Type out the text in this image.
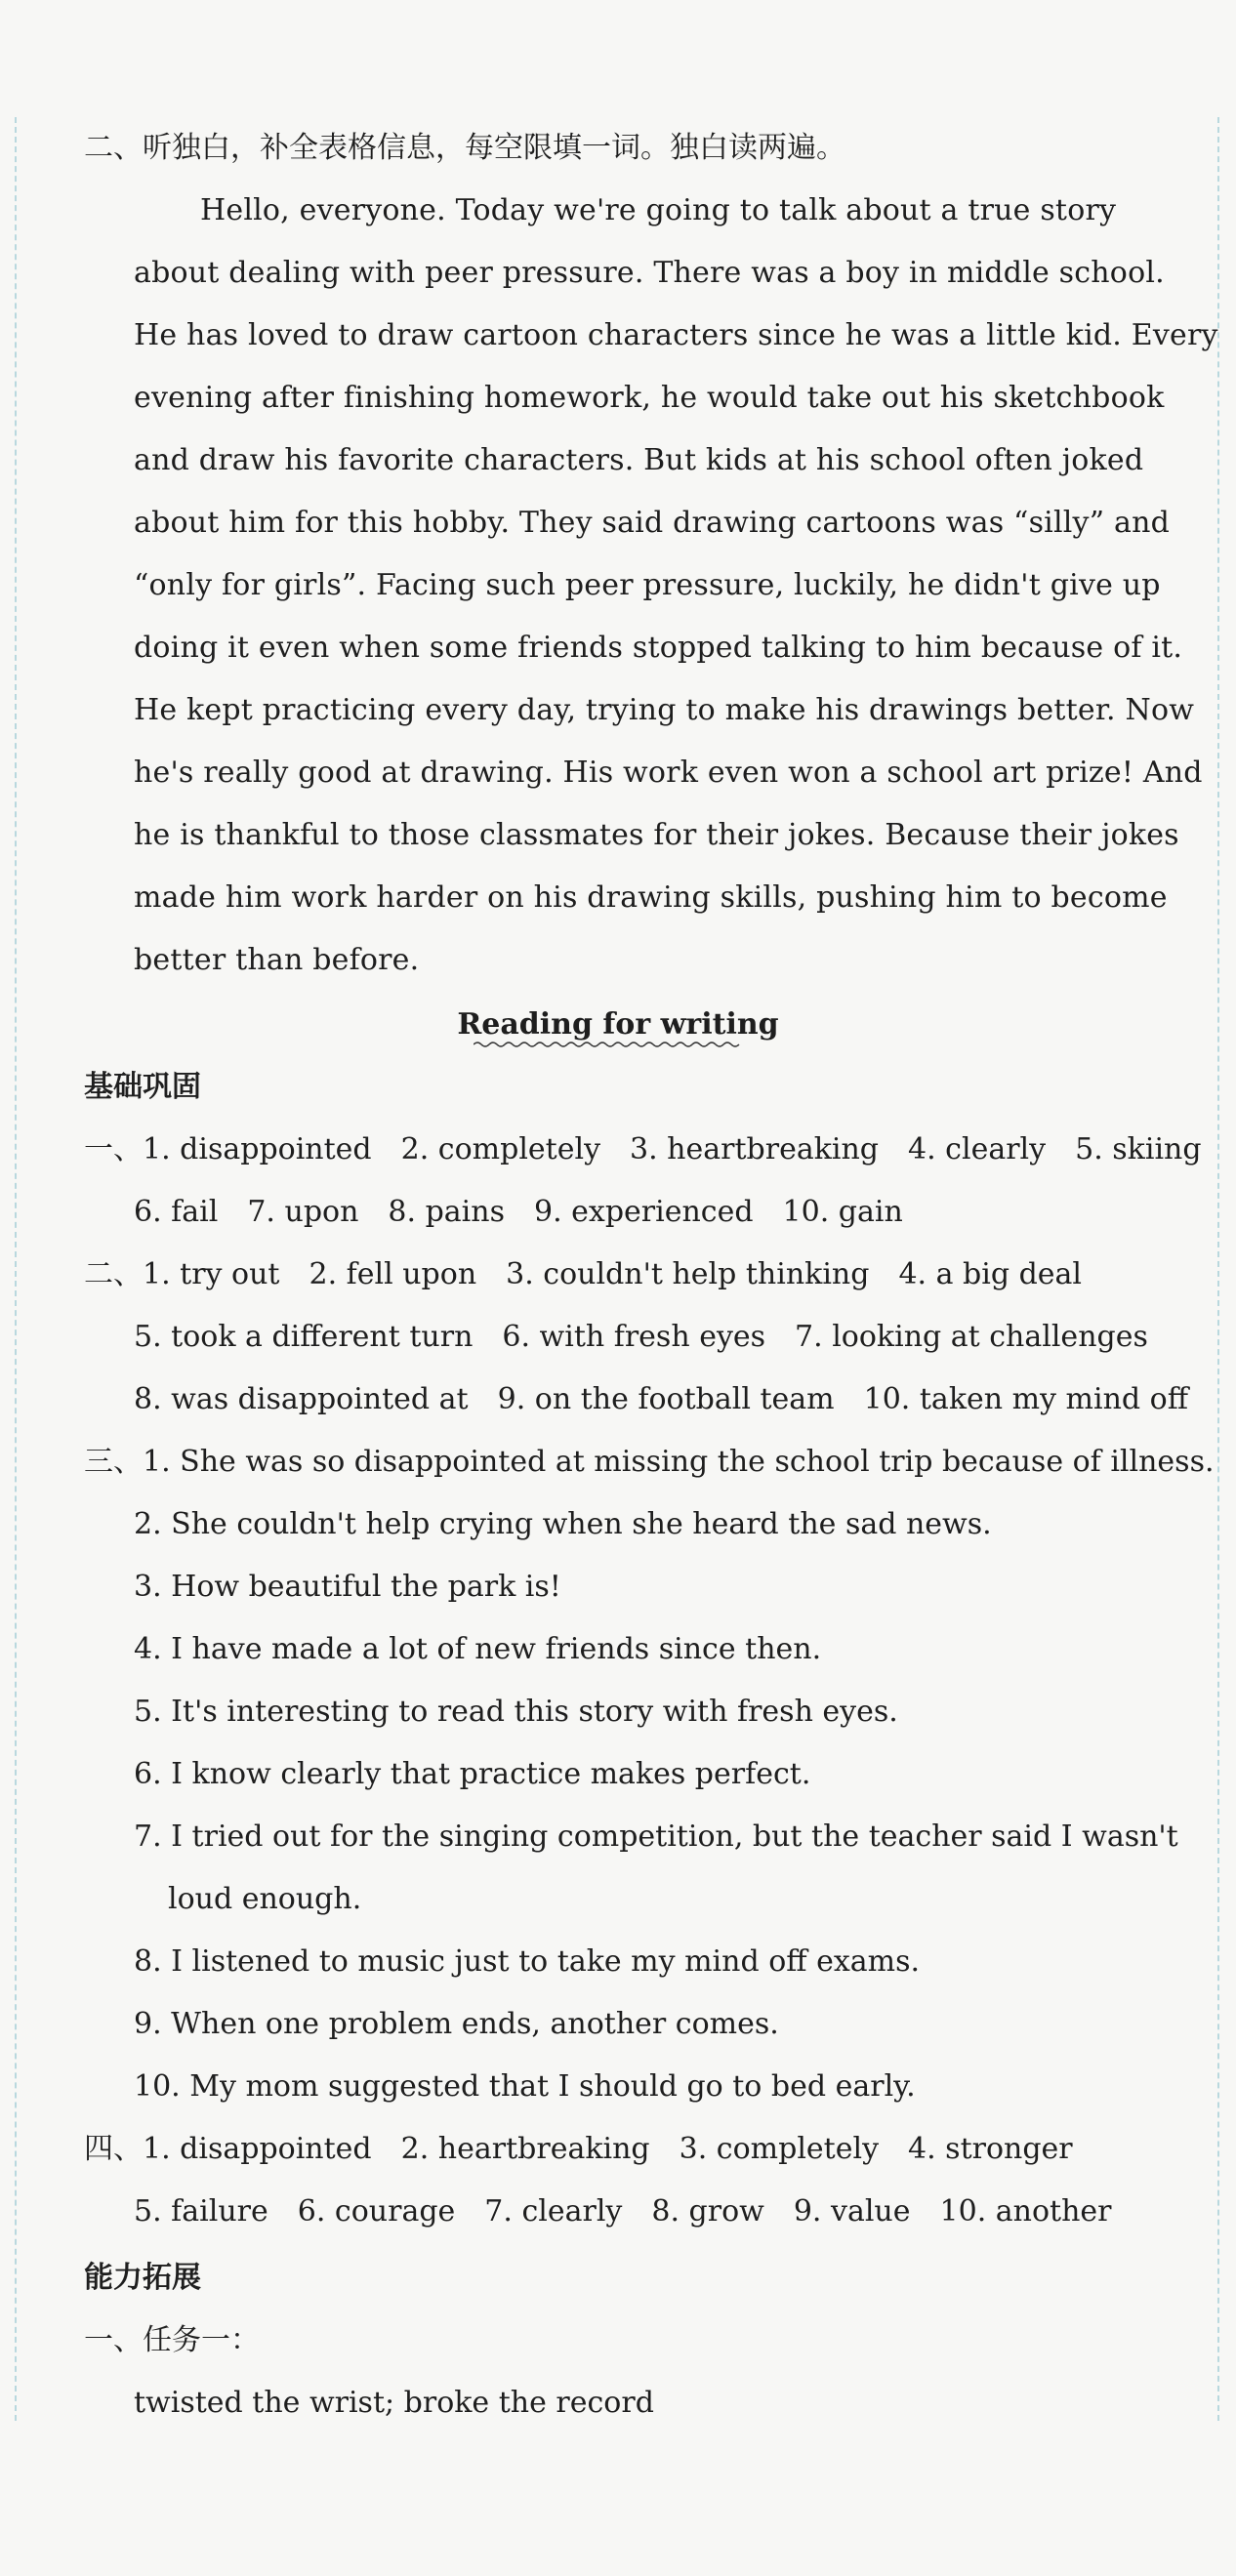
二、听独白，补全表格信息，每空限填一词。独白读两遍。
Hello, everyone. Today we're going to talk about a true story
about dealing with peer pressure. There was a boy in middle school.
He has loved to draw cartoon characters since he was a little kid. Every
evening after finishing homework, he would take out his sketchbook
and draw his favorite characters. But kids at his school often joked
about him for this hobby. They said drawing cartoons was “silly” and
“only for girls”. Facing such peer pressure, luckily, he didn't give up
doing it even when some friends stopped talking to him because of it.
He kept practicing every day, trying to make his drawings better. Now
he's really good at drawing. His work even won a school art prize! And
he is thankful to those classmates for their jokes. Because their jokes
made him work harder on his drawing skills, pushing him to become
better than before.
Reading for writing
基础巩固
一、1. disappointed 2. completely 3. heartbreaking 4. clearly 5. skiing
6. fail 7. upon 8. pains 9. experienced 10. gain
二、1. try out 2. fell upon 3. couldn't help thinking 4. a big deal
5. took a different turn 6. with fresh eyes 7. looking at challenges
8. was disappointed at 9. on the football team 10. taken my mind off
三、1. She was so disappointed at missing the school trip because of illness.
2. She couldn't help crying when she heard the sad news.
3. How beautiful the park is!
4. I have made a lot of new friends since then.
5. It's interesting to read this story with fresh eyes.
6. I know clearly that practice makes perfect.
7. I tried out for the singing competition, but the teacher said I wasn't
loud enough.
8. I listened to music just to take my mind off exams.
9. When one problem ends, another comes.
10. My mom suggested that I should go to bed early.
四、1. disappointed 2. heartbreaking 3. completely 4. stronger
5. failure 6. courage 7. clearly 8. grow 9. value 10. another
能力拓展
一、任务一：
twisted the wrist; broke the record
